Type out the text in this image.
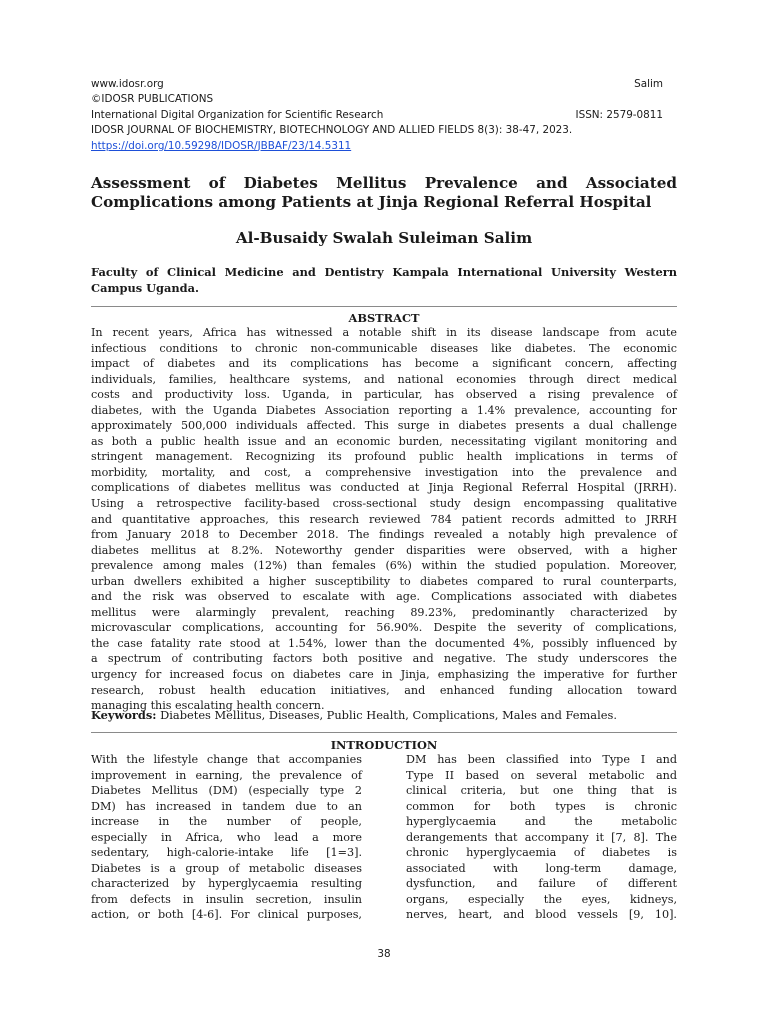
www.idosr.org	Salim
©IDOSR PUBLICATIONS
International Digital Organization for Scientific Research	ISSN: 2579-0811
IDOSR JOURNAL OF BIOCHEMISTRY, BIOTECHNOLOGY AND ALLIED FIELDS 8(3): 38-47, 2023.
https://doi.org/10.59298/IDOSR/JBBAF/23/14.5311
Assessment of Diabetes Mellitus Prevalence and Associated
Complications among Patients at Jinja Regional Referral Hospital
Al-Busaidy Swalah Suleiman Salim
Faculty of Clinical Medicine and Dentistry Kampala International University Western
Campus Uganda.
ABSTRACT
In recent years, Africa has witnessed a notable shift in its disease landscape from acute
infectious conditions to chronic non-communicable diseases like diabetes. The economic
impact of diabetes and its complications has become a significant concern, affecting
individuals, families, healthcare systems, and national economies through direct medical
costs and productivity loss. Uganda, in particular, has observed a rising prevalence of
diabetes, with the Uganda Diabetes Association reporting a 1.4% prevalence, accounting for
approximately 500,000 individuals affected. This surge in diabetes presents a dual challenge
as both a public health issue and an economic burden, necessitating vigilant monitoring and
stringent management. Recognizing its profound public health implications in terms of
morbidity, mortality, and cost, a comprehensive investigation into the prevalence and
complications of diabetes mellitus was conducted at Jinja Regional Referral Hospital (JRRH).
Using a retrospective facility-based cross-sectional study design encompassing qualitative
and quantitative approaches, this research reviewed 784 patient records admitted to JRRH
from January 2018 to December 2018. The findings revealed a notably high prevalence of
diabetes mellitus at 8.2%. Noteworthy gender disparities were observed, with a higher
prevalence among males (12%) than females (6%) within the studied population. Moreover,
urban dwellers exhibited a higher susceptibility to diabetes compared to rural counterparts,
and the risk was observed to escalate with age. Complications associated with diabetes
mellitus were alarmingly prevalent, reaching 89.23%, predominantly characterized by
microvascular complications, accounting for 56.90%. Despite the severity of complications,
the case fatality rate stood at 1.54%, lower than the documented 4%, possibly influenced by
a spectrum of contributing factors both positive and negative. The study underscores the
urgency for increased focus on diabetes care in Jinja, emphasizing the imperative for further
research, robust health education initiatives, and enhanced funding allocation toward
managing this escalating health concern.
Keywords: Diabetes Mellitus, Diseases, Public Health, Complications, Males and Females.
INTRODUCTION
With the lifestyle change that accompanies
improvement in earning, the prevalence of
Diabetes Mellitus (DM) (especially type 2
DM) has increased in tandem due to an
increase in the number of people,
especially in Africa, who lead a more
sedentary, high-calorie-intake life [1=3].
Diabetes is a group of metabolic diseases
characterized by hyperglycaemia resulting
from defects in insulin secretion, insulin
action, or both [4-6]. For clinical purposes,
DM has been classified into Type I and
Type II based on several metabolic and
clinical criteria, but one thing that is
common for both types is chronic
hyperglycaemia and the metabolic
derangements that accompany it [7, 8]. The
chronic hyperglycaemia of diabetes is
associated with long-term damage,
dysfunction, and failure of different
organs, especially the eyes, kidneys,
nerves, heart, and blood vessels [9, 10].
38
